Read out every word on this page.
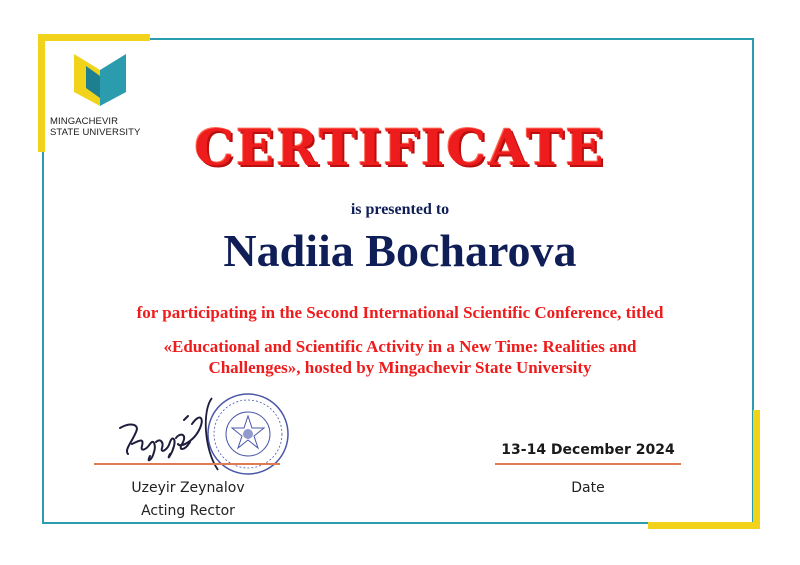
MINGACHEVIR
STATE UNIVERSITY	CERTIFICATE
is presented to
Nadiia Bocharova
for participating in the Second International Scientific Conference, titled
«Educational and Scientific Activity in a New Time: Realities and
Challenges», hosted by Mingachevir State University
Uzeyir Zeynalov
Acting Rector
13-14 December 2024
Date
